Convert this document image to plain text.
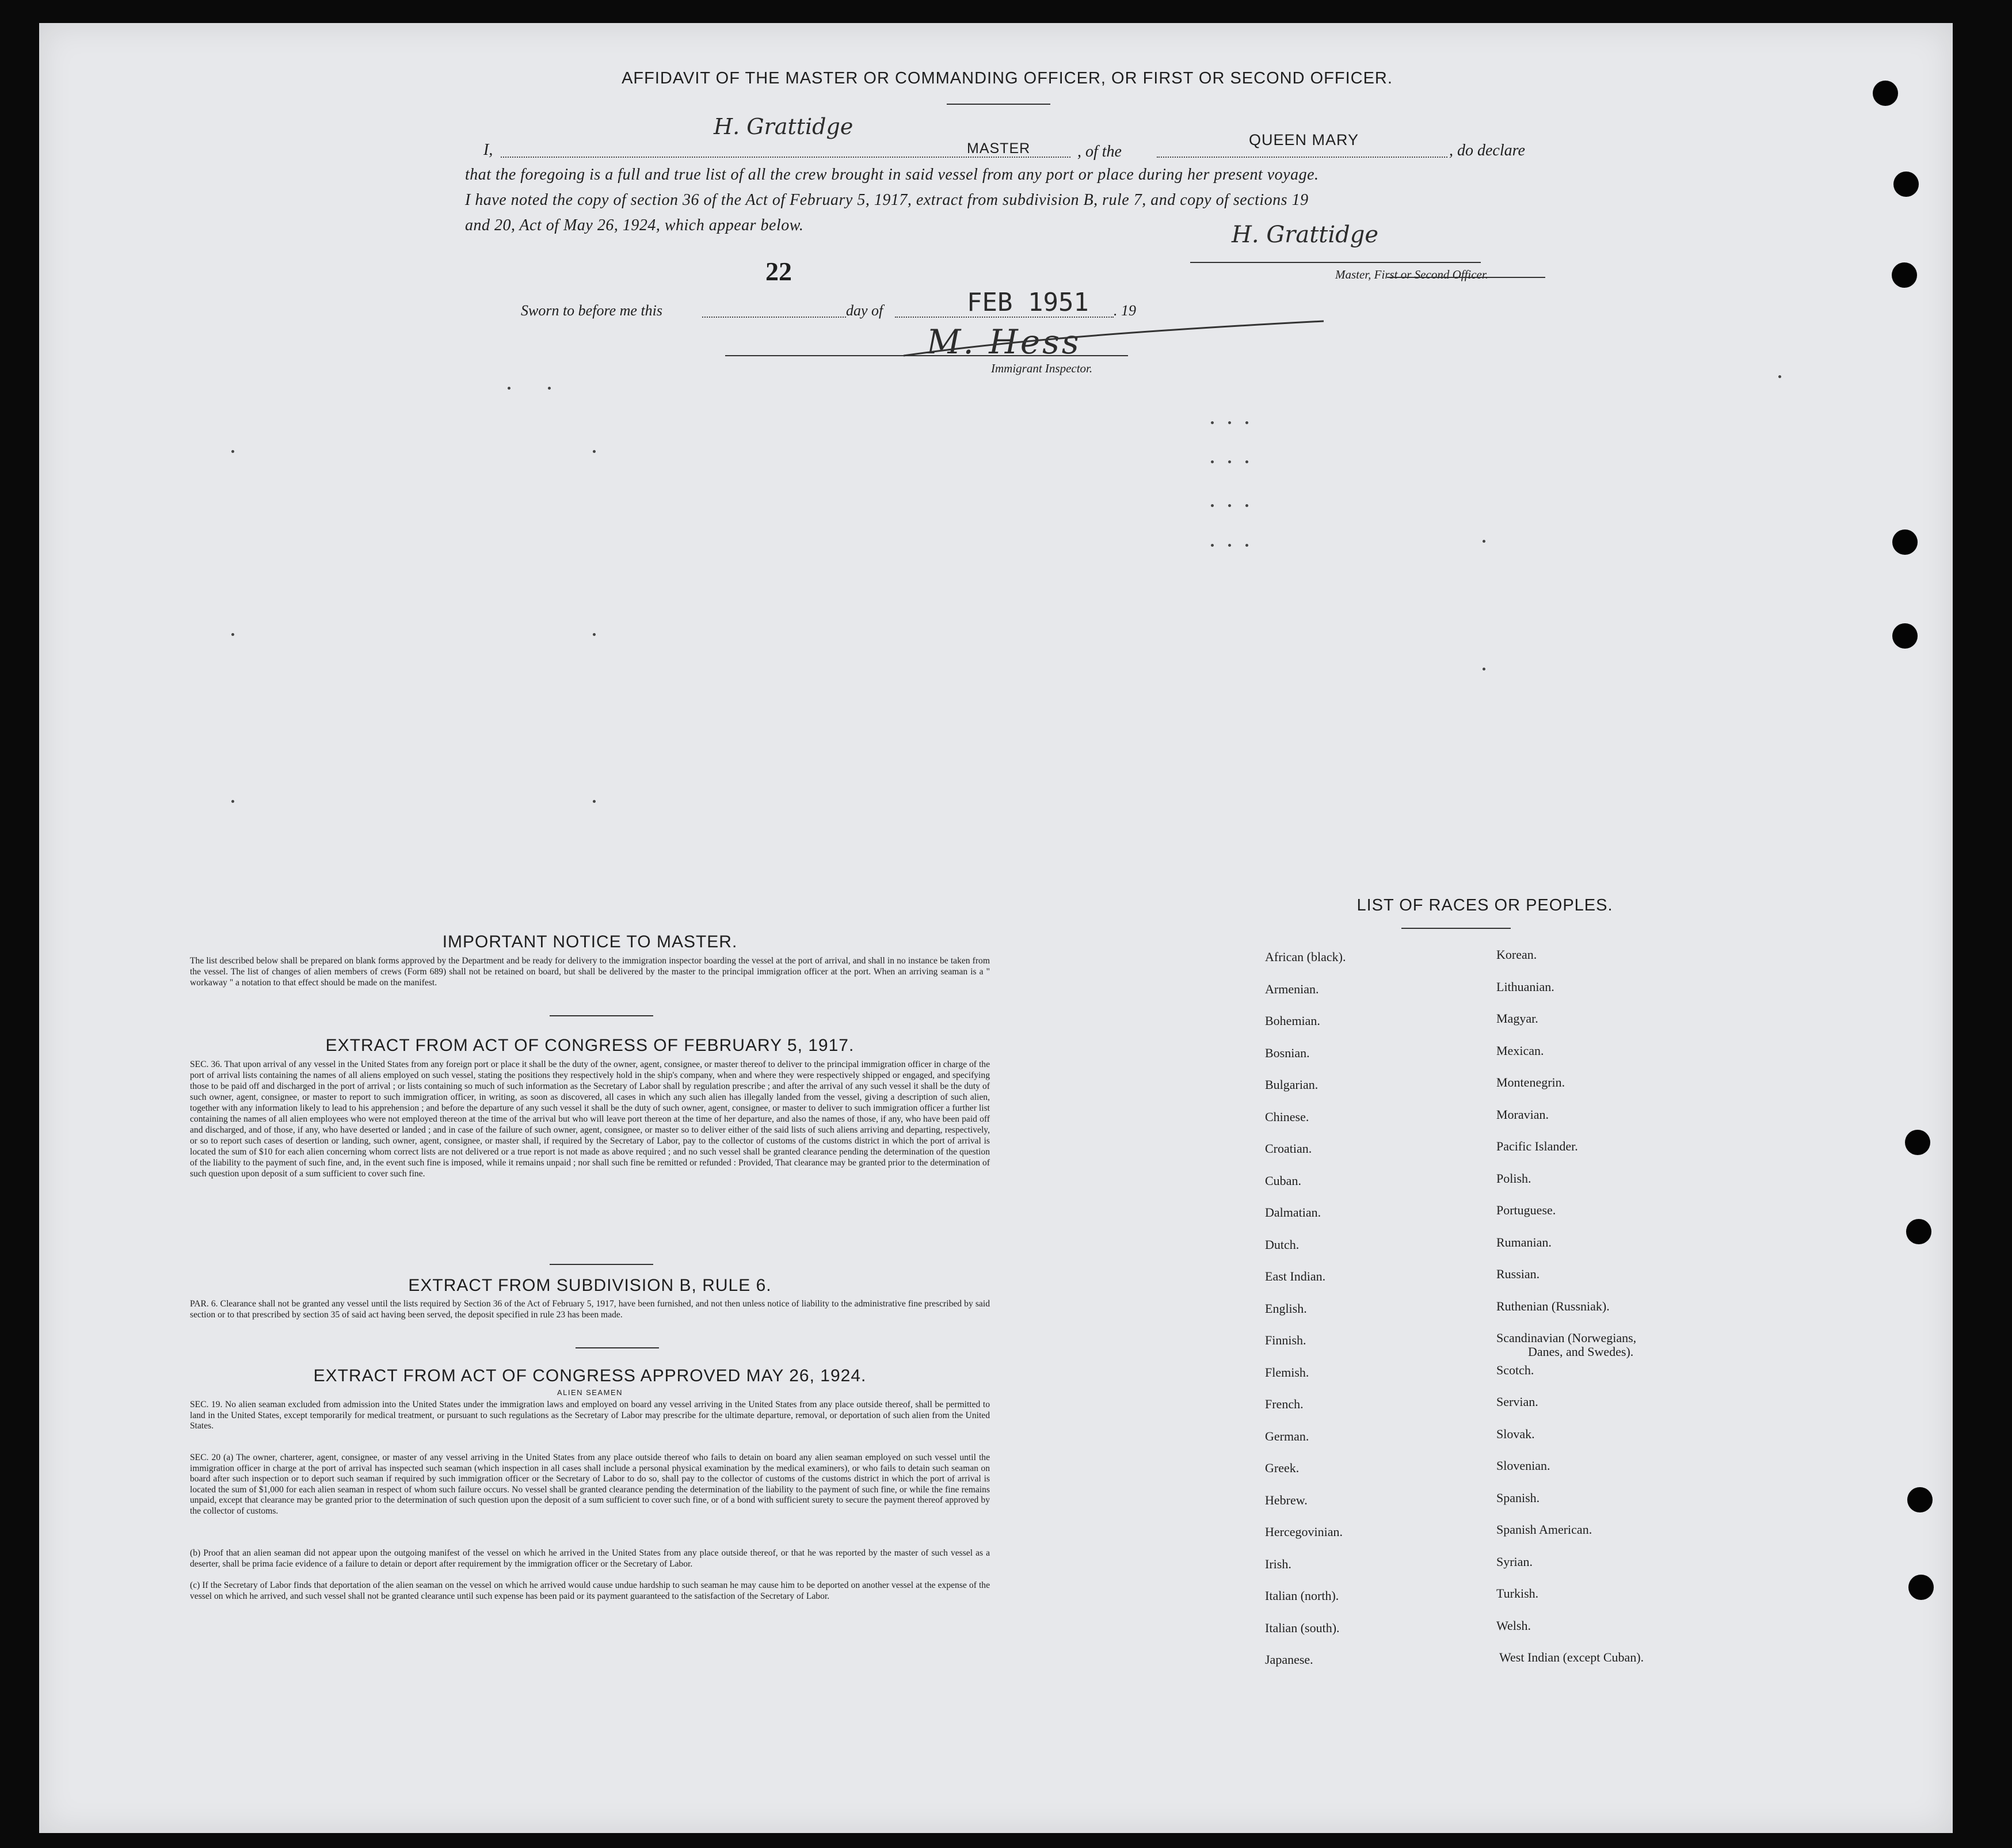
AFFIDAVIT OF THE MASTER OR COMMANDING OFFICER, OR FIRST OR SECOND OFFICER.
I,
H. Grattidge
MASTER	, of the
QUEEN MARY
, do declare
that the foregoing is a full and true list of all the crew brought in said vessel from any port or place during her present voyage.
I have noted the copy of section 36 of the Act of February 5, 1917, extract from subdivision B, rule 7, and copy of sections 19
and 20, Act of May 26, 1924, which appear below.	H. Grattidge
Master, First or Second Officer.
22
Sworn to before me this	day of	FEB 1951 . 19
M. Hess
Immigrant Inspector.
IMPORTANT NOTICE TO MASTER.
The list described below shall be prepared on blank forms approved by the Department and be ready for delivery to the immigration inspector boarding the vessel at the port of arrival, and shall in no instance be taken from the vessel. The list of changes of alien members of crews (Form 689) shall not be retained on board, but shall be delivered by the master to the principal immigration officer at the port. When an arriving seaman is a " workaway " a notation to that effect should be made on the manifest.
EXTRACT FROM ACT OF CONGRESS OF FEBRUARY 5, 1917.
SEC. 36. That upon arrival of any vessel in the United States from any foreign port or place it shall be the duty of the owner, agent, consignee, or master thereof to deliver to the principal immigration officer in charge of the port of arrival lists containing the names of all aliens employed on such vessel, stating the positions they respectively hold in the ship's company, when and where they were respectively shipped or engaged, and specifying those to be paid off and discharged in the port of arrival ; or lists containing so much of such information as the Secretary of Labor shall by regulation prescribe ; and after the arrival of any such vessel it shall be the duty of such owner, agent, consignee, or master to report to such immigration officer, in writing, as soon as discovered, all cases in which any such alien has illegally landed from the vessel, giving a description of such alien, together with any information likely to lead to his apprehension ; and before the departure of any such vessel it shall be the duty of such owner, agent, consignee, or master to deliver to such immigration officer a further list containing the names of all alien employees who were not employed thereon at the time of the arrival but who will leave port thereon at the time of her departure, and also the names of those, if any, who have been paid off and discharged, and of those, if any, who have deserted or landed ; and in case of the failure of such owner, agent, consignee, or master so to deliver either of the said lists of such aliens arriving and departing, respectively, or so to report such cases of desertion or landing, such owner, agent, consignee, or master shall, if required by the Secretary of Labor, pay to the collector of customs of the customs district in which the port of arrival is located the sum of $10 for each alien concerning whom correct lists are not delivered or a true report is not made as above required ; and no such vessel shall be granted clearance pending the determination of the question of the liability to the payment of such fine, and, in the event such fine is imposed, while it remains unpaid ; nor shall such fine be remitted or refunded : Provided, That clearance may be granted prior to the determination of such question upon deposit of a sum sufficient to cover such fine.
EXTRACT FROM SUBDIVISION B, RULE 6.
PAR. 6. Clearance shall not be granted any vessel until the lists required by Section 36 of the Act of February 5, 1917, have been furnished, and not then unless notice of liability to the administrative fine prescribed by said section or to that prescribed by section 35 of said act having been served, the deposit specified in rule 23 has been made.
EXTRACT FROM ACT OF CONGRESS APPROVED MAY 26, 1924.
ALIEN SEAMEN
SEC. 19. No alien seaman excluded from admission into the United States under the immigration laws and employed on board any vessel arriving in the United States from any place outside thereof, shall be permitted to land in the United States, except temporarily for medical treatment, or pursuant to such regulations as the Secretary of Labor may prescribe for the ultimate departure, removal, or deportation of such alien from the United States.
SEC. 20 (a) The owner, charterer, agent, consignee, or master of any vessel arriving in the United States from any place outside thereof who fails to detain on board any alien seaman employed on such vessel until the immigration officer in charge at the port of arrival has inspected such seaman (which inspection in all cases shall include a personal physical examination by the medical examiners), or who fails to detain such seaman on board after such inspection or to deport such seaman if required by such immigration officer or the Secretary of Labor to do so, shall pay to the collector of customs of the customs district in which the port of arrival is located the sum of $1,000 for each alien seaman in respect of whom such failure occurs. No vessel shall be granted clearance pending the determination of the liability to the payment of such fine, or while the fine remains unpaid, except that clearance may be granted prior to the determination of such question upon the deposit of a sum sufficient to cover such fine, or of a bond with sufficient surety to secure the payment thereof approved by the collector of customs.
(b) Proof that an alien seaman did not appear upon the outgoing manifest of the vessel on which he arrived in the United States from any place outside thereof, or that he was reported by the master of such vessel as a deserter, shall be prima facie evidence of a failure to detain or deport after requirement by the immigration officer or the Secretary of Labor.
(c) If the Secretary of Labor finds that deportation of the alien seaman on the vessel on which he arrived would cause undue hardship to such seaman he may cause him to be deported on another vessel at the expense of the vessel on which he arrived, and such vessel shall not be granted clearance until such expense has been paid or its payment guaranteed to the satisfaction of the Secretary of Labor.
LIST OF RACES OR PEOPLES.
African (black).
Armenian.
Bohemian.
Bosnian.
Bulgarian.
Chinese.
Croatian.
Cuban.
Dalmatian.
Dutch.
East Indian.
English.
Finnish.
Flemish.
French.
German.
Greek.
Hebrew.
Hercegovinian.
Irish.
Italian (north).
Italian (south).
Japanese.
Korean.
Lithuanian.
Magyar.
Mexican.
Montenegrin.
Moravian.
Pacific Islander.
Polish.
Portuguese.
Rumanian.
Russian.
Ruthenian (Russniak).
Scandinavian (Norwegians,
Danes, and Swedes).
Scotch.
Servian.
Slovak.
Slovenian.
Spanish.
Spanish American.
Syrian.
Turkish.
Welsh.
West Indian (except Cuban).
